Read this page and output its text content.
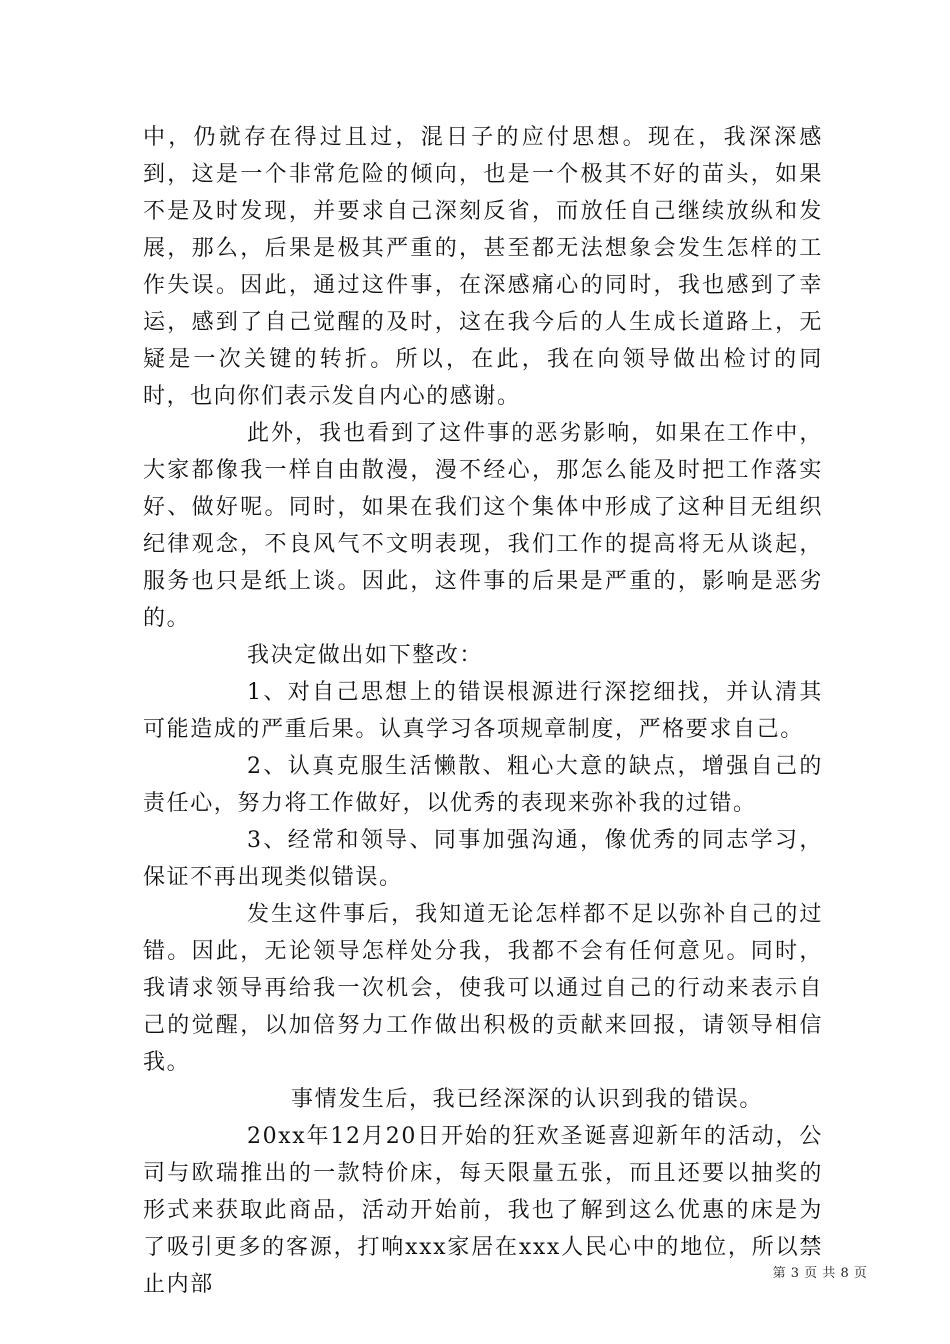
中，仍就存在得过且过，混日子的应付思想。现在，我深深感到，这是一个非常危险的倾向，也是一个极其不好的苗头，如果不是及时发现，并要求自己深刻反省，而放任自己继续放纵和发展，那么，后果是极其严重的，甚至都无法想象会发生怎样的工作失误。因此，通过这件事，在深感痛心的同时，我也感到了幸运，感到了自己觉醒的及时，这在我今后的人生成长道路上，无疑是一次关键的转折。所以，在此，我在向领导做出检讨的同时，也向你们表示发自内心的感谢。

此外，我也看到了这件事的恶劣影响，如果在工作中，大家都像我一样自由散漫，漫不经心，那怎么能及时把工作落实好、做好呢。同时，如果在我们这个集体中形成了这种目无组织纪律观念，不良风气不文明表现，我们工作的提高将无从谈起，服务也只是纸上谈。因此，这件事的后果是严重的，影响是恶劣的。

我决定做出如下整改：

1、对自己思想上的错误根源进行深挖细找，并认清其可能造成的严重后果。认真学习各项规章制度，严格要求自己。

2、认真克服生活懒散、粗心大意的缺点，增强自己的责任心，努力将工作做好，以优秀的表现来弥补我的过错。

3、经常和领导、同事加强沟通，像优秀的同志学习，保证不再出现类似错误。

发生这件事后，我知道无论怎样都不足以弥补自己的过错。因此，无论领导怎样处分我，我都不会有任何意见。同时，我请求领导再给我一次机会，使我可以通过自己的行动来表示自己的觉醒，以加倍努力工作做出积极的贡献来回报，请领导相信我。

事情发生后，我已经深深的认识到我的错误。

20xx年12月20日开始的狂欢圣诞喜迎新年的活动，公司与欧瑞推出的一款特价床，每天限量五张，而且还要以抽奖的形式来获取此商品，活动开始前，我也了解到这么优惠的床是为了吸引更多的客源，打响xxx家居在xxx人民心中的地位，所以禁止内部	第 3 页 共 8 页
